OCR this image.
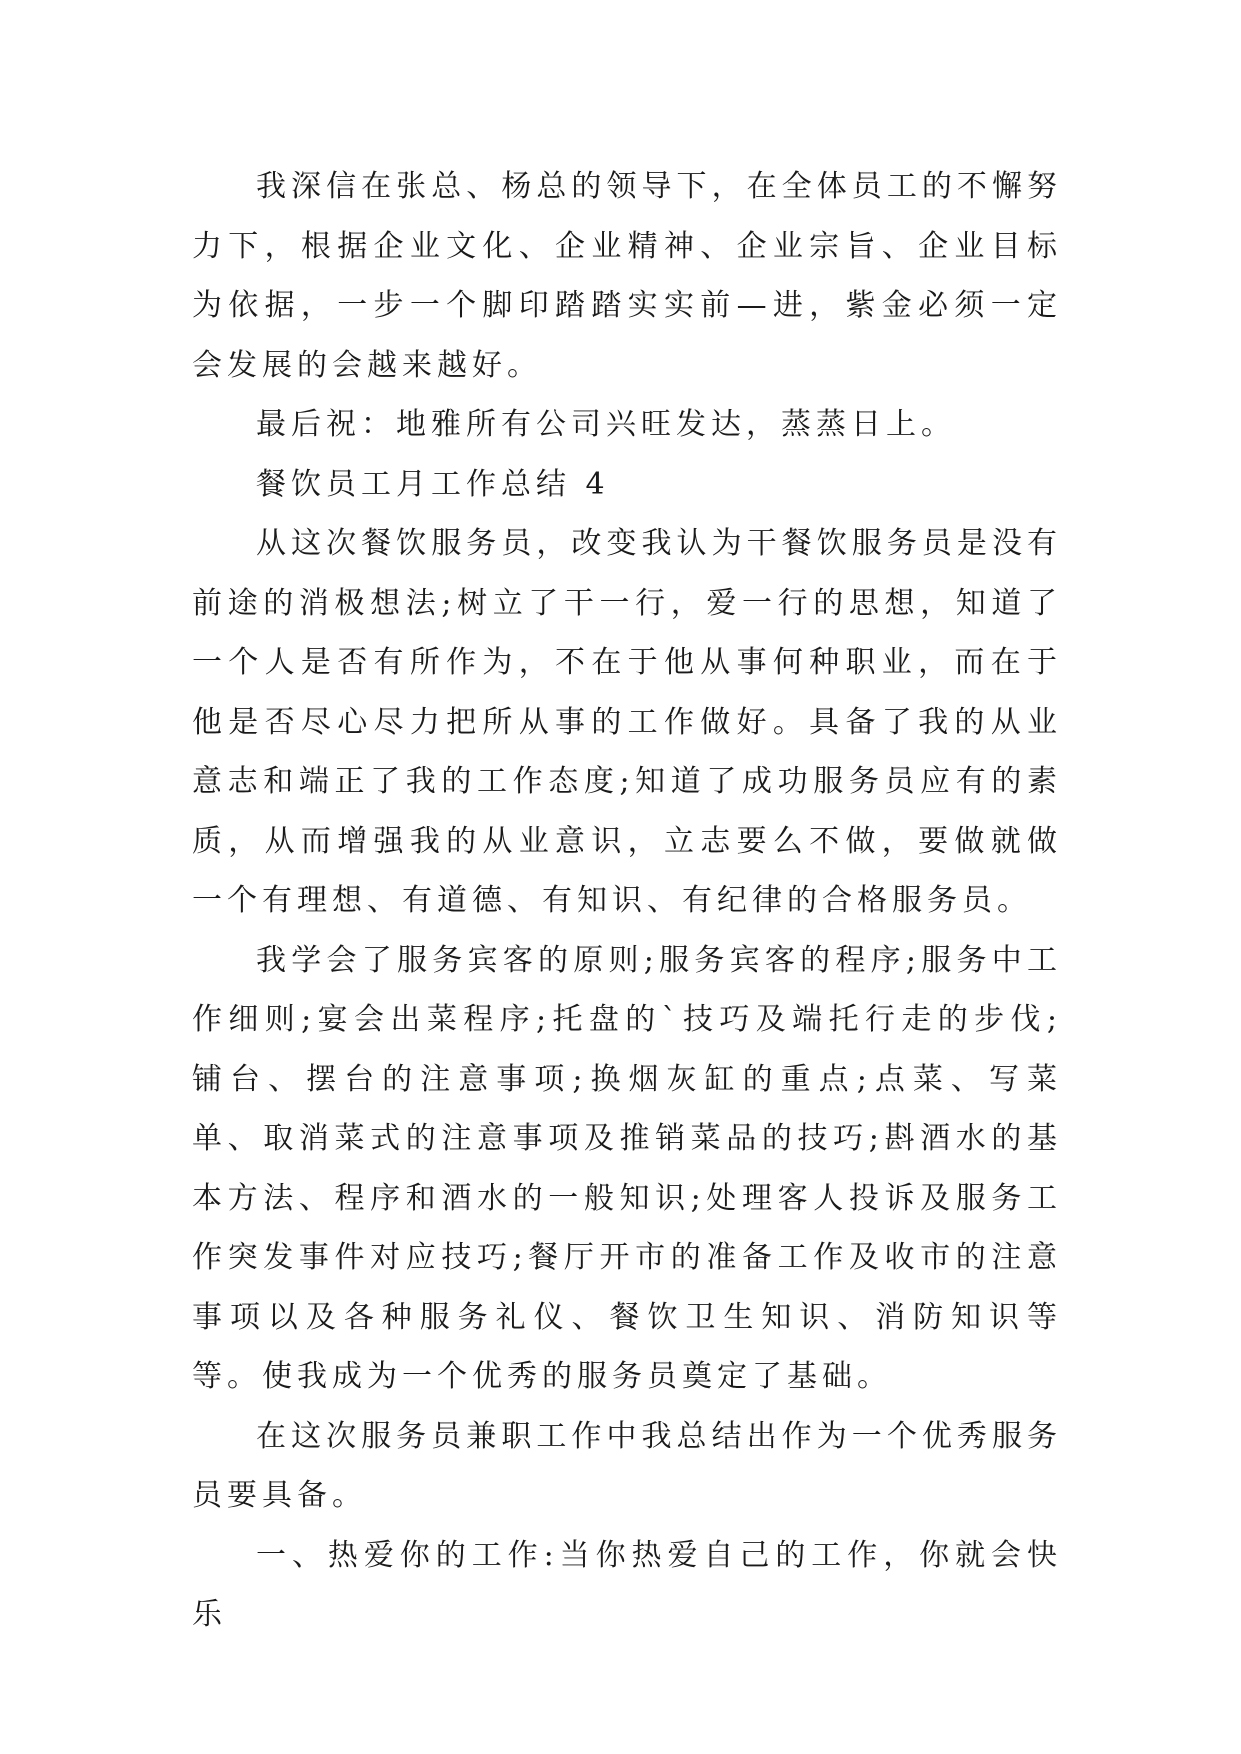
我深信在张总、杨总的领导下，在全体员工的不懈努力下，根据企业文化、企业精神、企业宗旨、企业目标为依据，一步一个脚印踏踏实实前—进，紫金必须一定会发展的会越来越好。

最后祝：地雅所有公司兴旺发达，蒸蒸日上。

餐饮员工月工作总结 4

从这次餐饮服务员，改变我认为干餐饮服务员是没有前途的消极想法;树立了干一行，爱一行的思想，知道了一个人是否有所作为，不在于他从事何种职业，而在于他是否尽心尽力把所从事的工作做好。具备了我的从业意志和端正了我的工作态度;知道了成功服务员应有的素质，从而增强我的从业意识，立志要么不做，要做就做一个有理想、有道德、有知识、有纪律的合格服务员。

我学会了服务宾客的原则;服务宾客的程序;服务中工作细则;宴会出菜程序;托盘的`技巧及端托行走的步伐;铺台、摆台的注意事项;换烟灰缸的重点;点菜、写菜单、取消菜式的注意事项及推销菜品的技巧;斟酒水的基本方法、程序和酒水的一般知识;处理客人投诉及服务工作突发事件对应技巧;餐厅开市的准备工作及收市的注意事项以及各种服务礼仪、餐饮卫生知识、消防知识等等。使我成为一个优秀的服务员奠定了基础。

在这次服务员兼职工作中我总结出作为一个优秀服务员要具备。

一、热爱你的工作:当你热爱自己的工作，你就会快乐
